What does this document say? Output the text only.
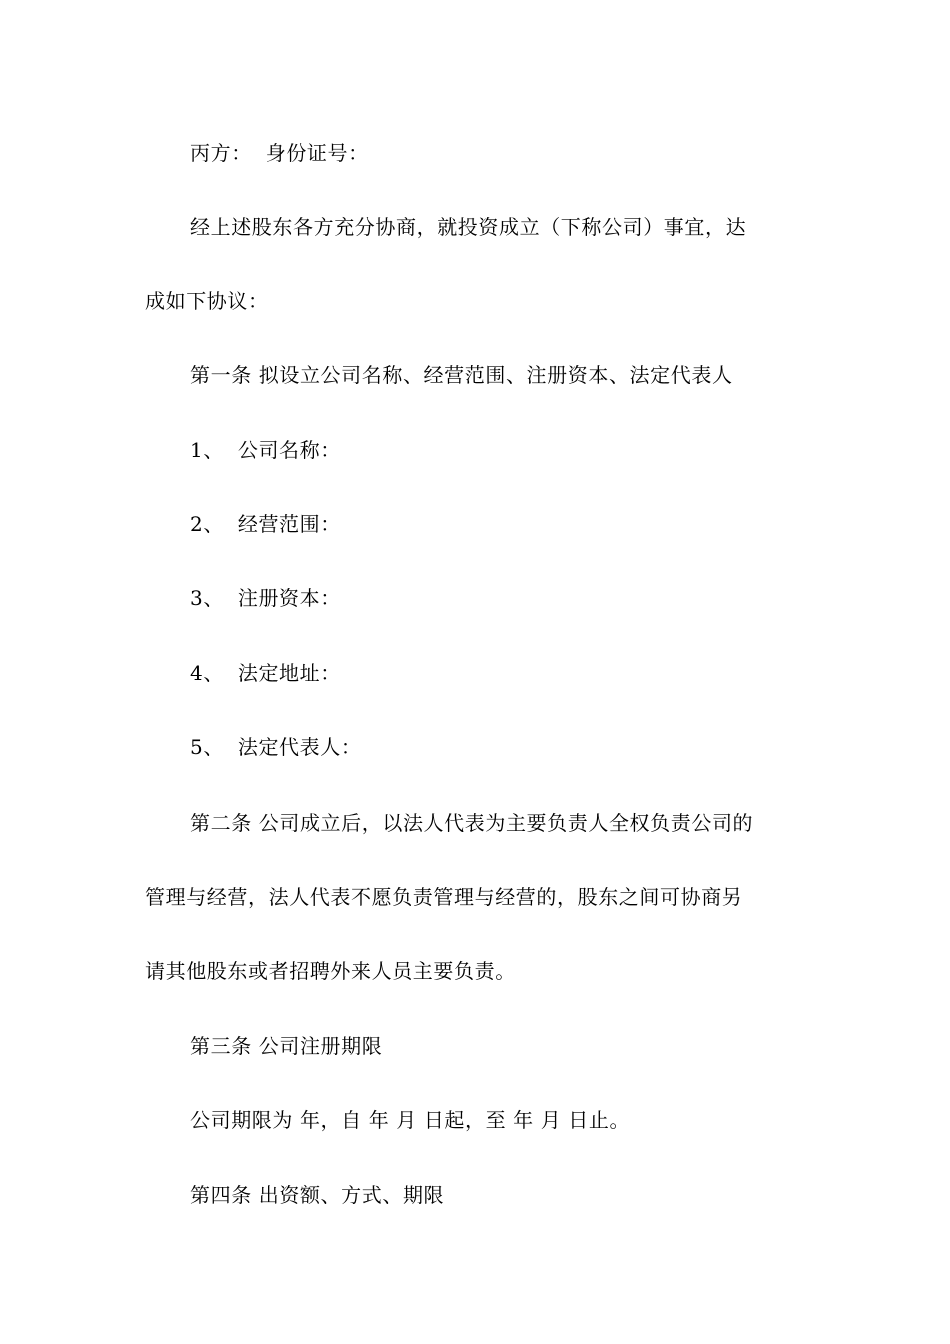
丙方：  身份证号：
经上述股东各方充分协商，就投资成立（下称公司）事宜，达
成如下协议：
第一条 拟设立公司名称、经营范围、注册资本、法定代表人
1、  公司名称：
2、  经营范围：
3、  注册资本：
4、  法定地址：
5、  法定代表人：
第二条 公司成立后，以法人代表为主要负责人全权负责公司的
管理与经营，法人代表不愿负责管理与经营的，股东之间可协商另
请其他股东或者招聘外来人员主要负责。
第三条 公司注册期限
公司期限为 年，自 年 月 日起，至 年 月 日止。
第四条 出资额、方式、期限
